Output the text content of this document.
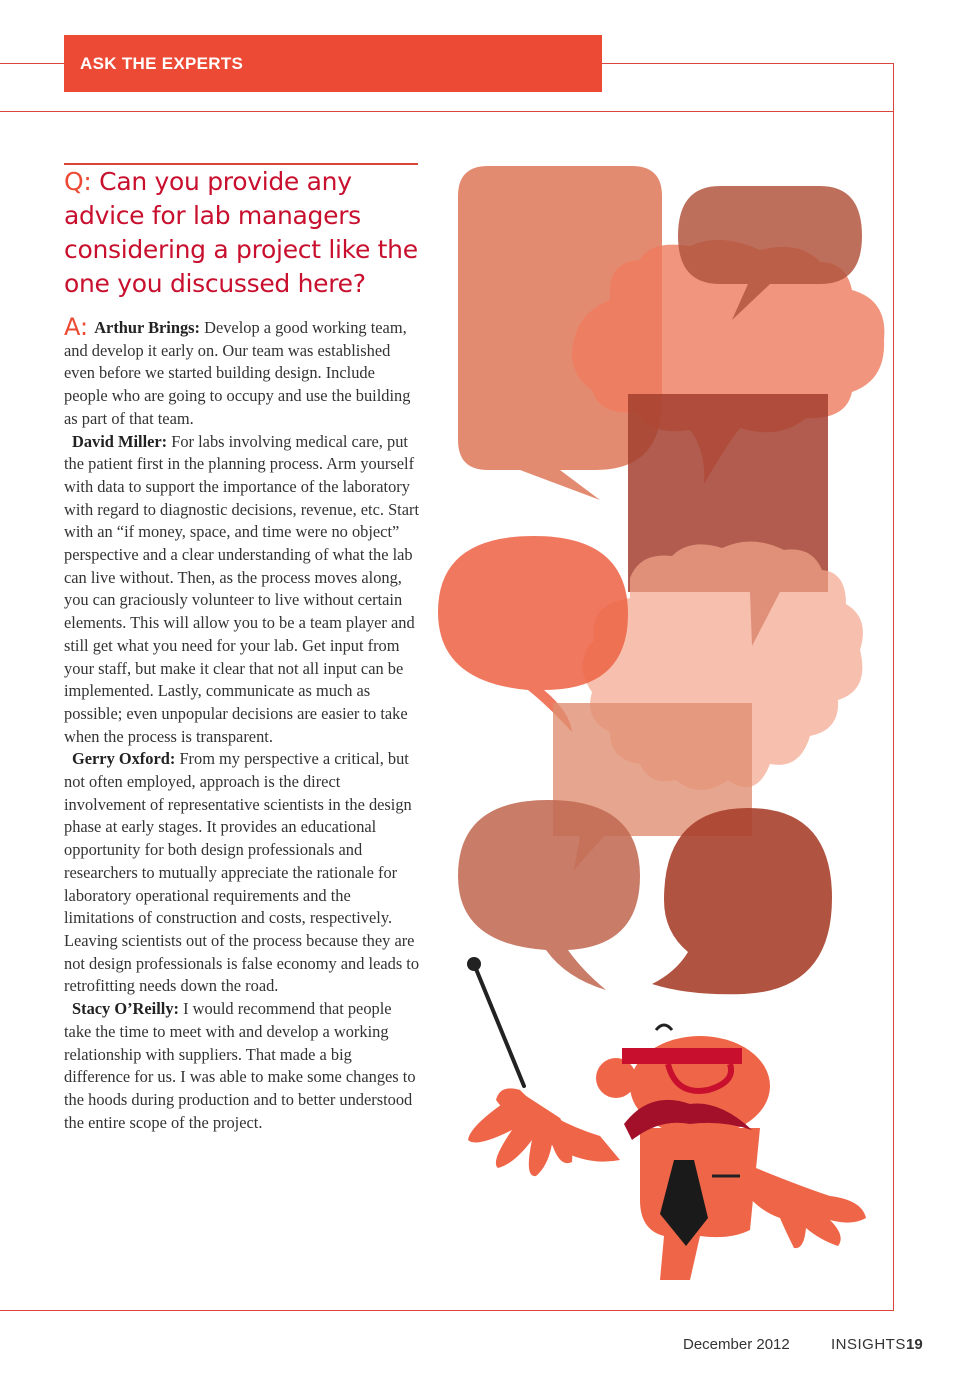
ASK THE EXPERTS
Q: Can you provide any advice for lab managers considering a project like the one you discussed here?

A: Arthur Brings: Develop a good working team, and develop it early on. Our team was established even before we started building design. Include people who are going to occupy and use the building as part of that team.

David Miller: For labs involving medical care, put the patient first in the planning process. Arm yourself with data to support the importance of the laboratory with regard to diagnostic decisions, revenue, etc. Start with an “if money, space, and time were no object” perspective and a clear understanding of what the lab can live without. Then, as the process moves along, you can graciously volunteer to live without certain elements. This will allow you to be a team player and still get what you need for your lab. Get input from your staff, but make it clear that not all input can be implemented. Lastly, communicate as much as possible; even unpopular decisions are easier to take when the process is transparent.

Gerry Oxford: From my perspective a critical, but not often employed, approach is the direct involvement of representative scientists in the design phase at early stages. It provides an educational opportunity for both design professionals and researchers to mutually appreciate the rationale for laboratory operational requirements and the limitations of construction and costs, respectively. Leaving scientists out of the process because they are not design professionals is false economy and leads to retrofitting needs down the road.

Stacy O’Reilly: I would recommend that people take the time to meet with and develop a working relationship with suppliers. That made a big difference for us. I was able to make some changes to the hoods during production and to better understood the entire scope of the project.

December 2012	INSIGHTS 19
